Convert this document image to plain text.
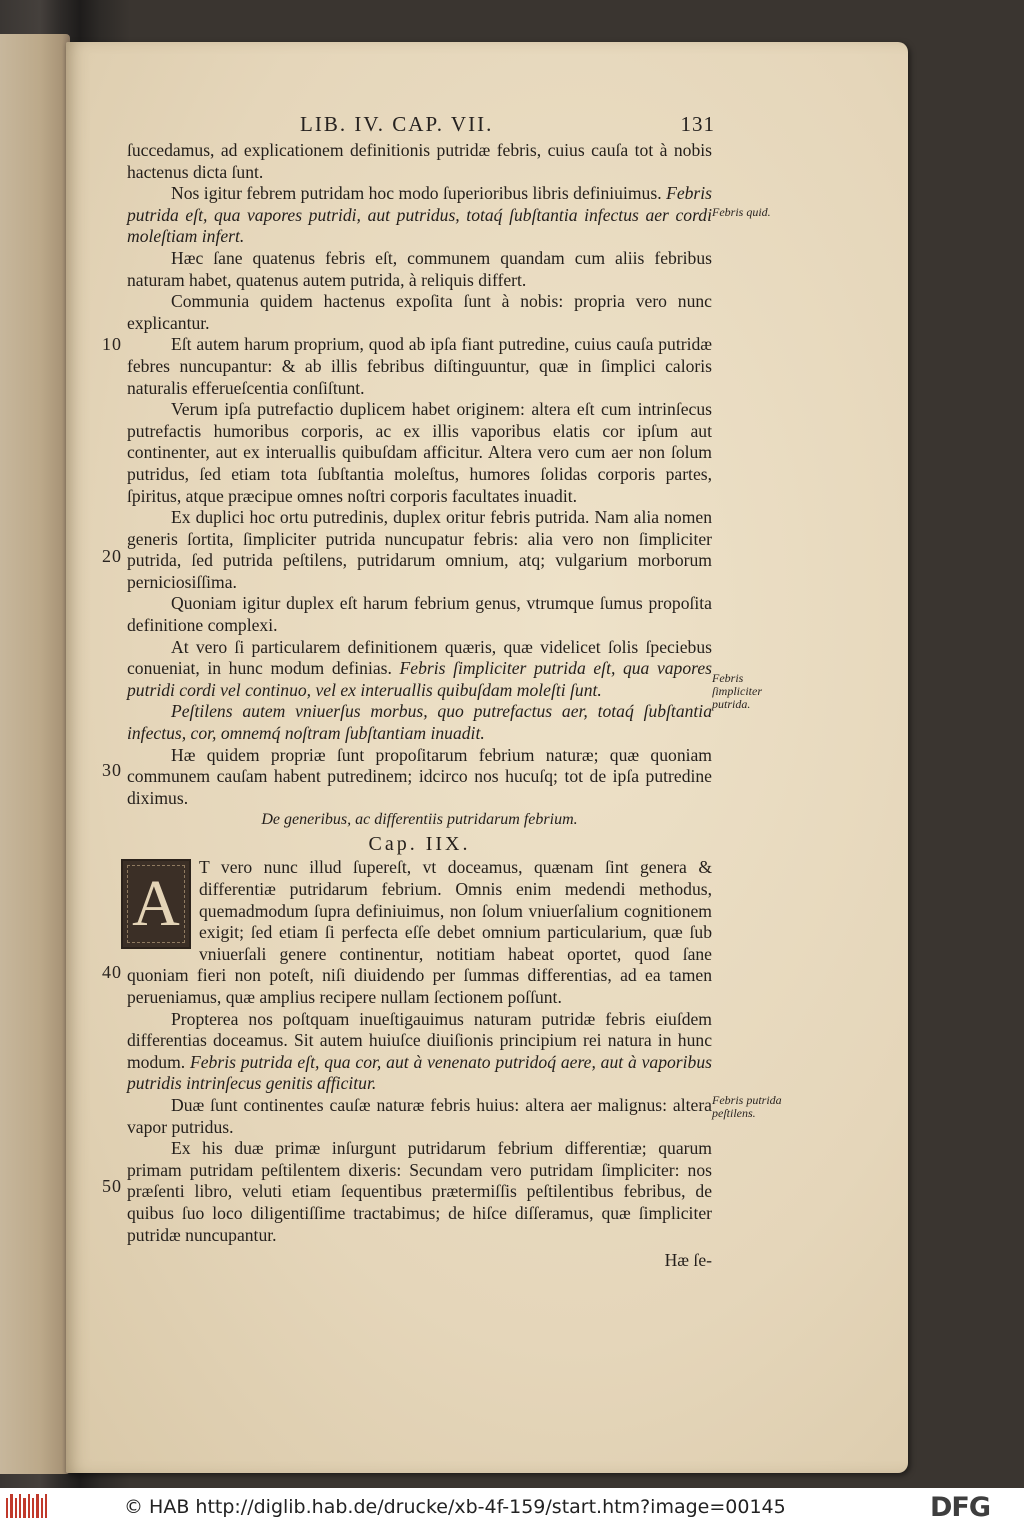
LIB. IV. CAP. VII.	131

ſuccedamus, ad explicationem definitionis putridæ febris, cuius cauſa tot à nobis hactenus dicta ſunt.

Nos igitur febrem putridam hoc modo ſuperioribus libris definiuimus. Febris putrida eſt, qua vapores putridi, aut putridus, totaq́ ſubſtantia infectus aer cordi moleſtiam infert.

Hæc ſane quatenus febris eſt, communem quandam cum aliis febribus naturam habet, quatenus autem putrida, à reliquis differt.

Communia quidem hactenus expoſita ſunt à nobis: propria vero nunc explicantur.

Eſt autem harum proprium, quod ab ipſa fiant putredine, cuius cauſa putridæ febres nuncupantur: & ab illis febribus diſtinguuntur, quæ in ſimplici caloris naturalis efferueſcentia conſiſtunt.

Verum ipſa putrefactio duplicem habet originem: altera eſt cum intrinſecus putrefactis humoribus corporis, ac ex illis vaporibus elatis cor ipſum aut continenter, aut ex interuallis quibuſdam afficitur. Altera vero cum aer non ſolum putridus, ſed etiam tota ſubſtantia moleſtus, humores ſolidas corporis partes, ſpiritus, atque præcipue omnes noſtri corporis facultates inuadit.

Ex duplici hoc ortu putredinis, duplex oritur febris putrida. Nam alia nomen generis ſortita, ſimpliciter putrida nuncupatur febris: alia vero non ſimpliciter putrida, ſed putrida peſtilens, putridarum omnium, atq; vulgarium morborum perniciosiſſima.

Quoniam igitur duplex eſt harum febrium genus, vtrumque ſumus propoſita definitione complexi.

At vero ſi particularem definitionem quæris, quæ videlicet ſolis ſpeciebus conueniat, in hunc modum definias. Febris ſimpliciter putrida eſt, qua vapores putridi cordi vel continuo, vel ex interuallis quibuſdam moleſti ſunt.

Peſtilens autem vniuerſus morbus, quo putrefactus aer, totaq́ ſubſtantia infectus, cor, omnemq́ noſtram ſubſtantiam inuadit.

Hæ quidem propriæ ſunt propoſitarum febrium naturæ; quæ quoniam communem cauſam habent putredinem; idcirco nos hucuſq; tot de ipſa putredine diximus.

De generibus, ac differentiis putridarum febrium.

Cap. IIX.

A	T vero nunc illud ſupereſt, vt doceamus, quænam ſint genera & differentiæ putridarum febrium. Omnis enim medendi methodus, quemadmodum ſupra definiuimus, non ſolum vniuerſalium cognitionem exigit; ſed etiam ſi perfecta eſſe debet omnium particularium, quæ ſub vniuerſali genere continentur, notitiam habeat oportet, quod ſane quoniam fieri non poteſt, niſi diuidendo per ſummas differentias, ad ea tamen perueniamus, quæ amplius recipere nullam ſectionem poſſunt.

Propterea nos poſtquam inueſtigauimus naturam putridæ febris eiuſdem differentias doceamus. Sit autem huiuſce diuiſionis principium rei natura in hunc modum. Febris putrida eſt, qua cor, aut à venenato putridoq́ aere, aut à vaporibus putridis intrinſecus genitis afficitur.

Duæ ſunt continentes cauſæ naturæ febris huius: altera aer malignus: altera vapor putridus.

Ex his duæ primæ inſurgunt putridarum febrium differentiæ; quarum primam putridam peſtilentem dixeris: Secundam vero putridam ſimpliciter: nos præſenti libro, veluti etiam ſequentibus prætermiſſis peſtilentibus febribus, de quibus ſuo loco diligentiſſime tractabimus; de hiſce diſſeramus, quæ ſimpliciter putridæ nuncupantur.

Hæ ſe-

Febris quid.
Febris ſimpliciter putrida.
Febris putrida peſtilens.
10
20
30
40
50
© HAB http://diglib.hab.de/drucke/xb-4f-159/start.htm?image=00145	DFG
